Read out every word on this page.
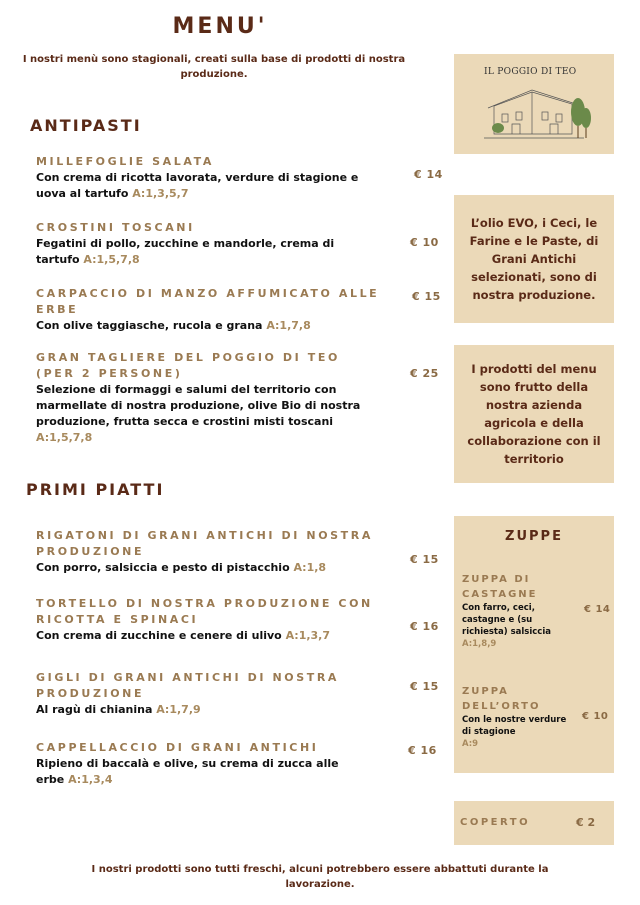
MENU'
I nostri menù sono stagionali, creati sulla base di prodotti di nostra produzione.
ANTIPASTI
MILLEFOGLIE SALATA
Con crema di ricotta lavorata, verdure di stagione e uova al tartufo A:1,3,5,7
€ 14
CROSTINI TOSCANI
Fegatini di pollo, zucchine e mandorle, crema di tartufo A:1,5,7,8
€ 10
CARPACCIO DI MANZO AFFUMICATO ALLE ERBE
Con olive taggiasche, rucola e grana A:1,7,8
€ 15
GRAN TAGLIERE DEL POGGIO DI TEO (PER 2 PERSONE)
Selezione di formaggi e salumi del territorio con marmellate di nostra produzione, olive Bio di nostra produzione, frutta secca e crostini misti toscani A:1,5,7,8
€ 25
PRIMI PIATTI
RIGATONI DI GRANI ANTICHI DI NOSTRA PRODUZIONE
Con porro, salsiccia e pesto di pistacchio A:1,8
€ 15
TORTELLO DI NOSTRA PRODUZIONE CON RICOTTA E SPINACI
Con crema di zucchine e cenere di ulivo A:1,3,7
€ 16
GIGLI DI GRANI ANTICHI DI NOSTRA PRODUZIONE
Al ragù di chianina A:1,7,9
€ 15
CAPPELLACCIO DI GRANI ANTICHI
Ripieno di baccalà e olive, su crema di zucca alle erbe A:1,3,4
€ 16
IL POGGIO DI TEO
L’olio EVO, i Ceci, le Farine e le Paste, di Grani Antichi selezionati, sono di nostra produzione.
I prodotti del menu sono frutto della nostra azienda agricola e della collaborazione con il territorio
ZUPPE
ZUPPA DI CASTAGNE
Con farro, ceci, castagne e (su richiesta) salsiccia
A:1,8,9
€ 14
ZUPPA DELL’ORTO
Con le nostre verdure di stagione
A:9
€ 10
COPERTO	€ 2
I nostri prodotti sono tutti freschi, alcuni potrebbero essere abbattuti durante la lavorazione.
